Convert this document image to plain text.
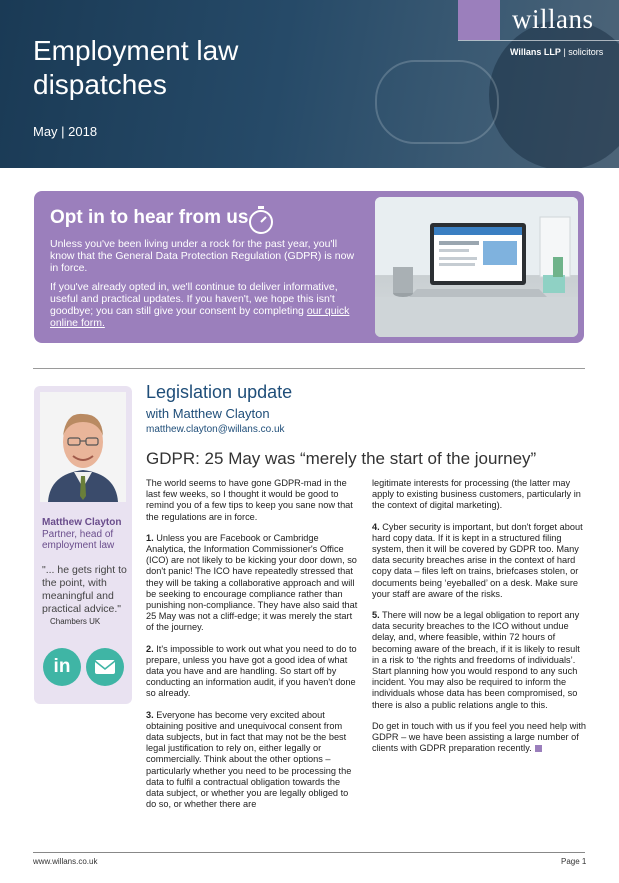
Employment law dispatches
May | 2018
willans
Willans LLP | solicitors
Opt in to hear from us

Unless you've been living under a rock for the past year, you'll know that the General Data Protection Regulation (GDPR) is now in force.

If you've already opted in, we'll continue to deliver informative, useful and practical updates. If you haven't, we hope this isn't goodbye; you can still give your consent by completing our quick online form.

Matthew Clayton
Partner, head of employment law
"... he gets right to the point, with meaningful and practical advice."
Chambers UK
in
Legislation update
with Matthew Clayton
matthew.clayton@willans.co.uk
GDPR: 25 May was “merely the start of the journey”

The world seems to have gone GDPR-mad in the last few weeks, so I thought it would be good to remind you of a few tips to keep you sane now that the regulations are in force.

1. Unless you are Facebook or Cambridge Analytica, the Information Commissioner's Office (ICO) are not likely to be kicking your door down, so don't panic! The ICO have repeatedly stressed that they will be taking a collaborative approach and will be seeking to encourage compliance rather than punishing non-compliance. They have also said that 25 May was not a cliff-edge; it was merely the start of the journey.

2. It's impossible to work out what you need to do to prepare, unless you have got a good idea of what data you have and are handling. So start off by conducting an information audit, if you haven't done so already.

3. Everyone has become very excited about obtaining positive and unequivocal consent from data subjects, but in fact that may not be the best legal justification to rely on, either legally or commercially. Think about the other options – particularly whether you need to be processing the data to fulfil a contractual obligation towards the data subject, or whether you are legally obliged to do so, or whether there are

legitimate interests for processing (the latter may apply to existing business customers, particularly in the context of digital marketing).

4. Cyber security is important, but don't forget about hard copy data. If it is kept in a structured filing system, then it will be covered by GDPR too. Many data security breaches arise in the context of hard copy data – files left on trains, briefcases stolen, or documents being ‘eyeballed’ on a desk. Make sure your staff are aware of the risks.

5. There will now be a legal obligation to report any data security breaches to the ICO without undue delay, and, where feasible, within 72 hours of becoming aware of the breach, if it is likely to result in a risk to ‘the rights and freedoms of individuals’. Start planning how you would respond to any such incident. You may also be required to inform the individuals whose data has been compromised, so there is also a public relations angle to this.

Do get in touch with us if you feel you need help with GDPR – we have been assisting a large number of clients with GDPR preparation recently.

www.willans.co.uk	Page 1
